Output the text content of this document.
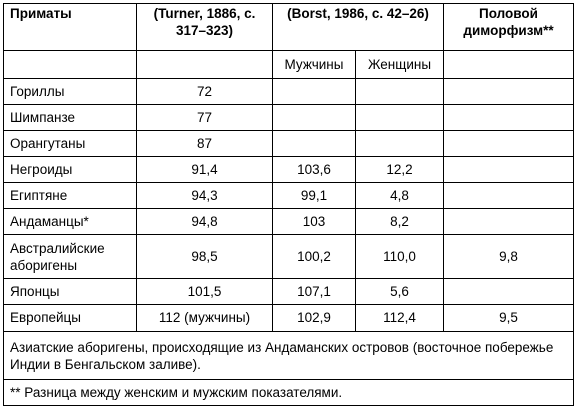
Приматы	(Turner, 1886, с. 317–323)	(Borst, 1986, с. 42–26)		Половой диморфизм**
		Мужчины	Женщины	
Гориллы	72			
Шимпанзе	77			
Орангутаны	87			
Негроиды	91,4	103,6	12,2	
Египтяне	94,3	99,1	4,8	
Андаманцы*	94,8	103	8,2	
Австралийские аборигены	98,5	100,2	110,0	9,8
Японцы	101,5	107,1	5,6	
Европейцы	112 (мужчины)	102,9	112,4	9,5
Азиатские аборигены, происходящие из Андаманских островов (восточное побережье Индии в Бенгальском заливе).				
** Разница между женским и мужским показателями.				
